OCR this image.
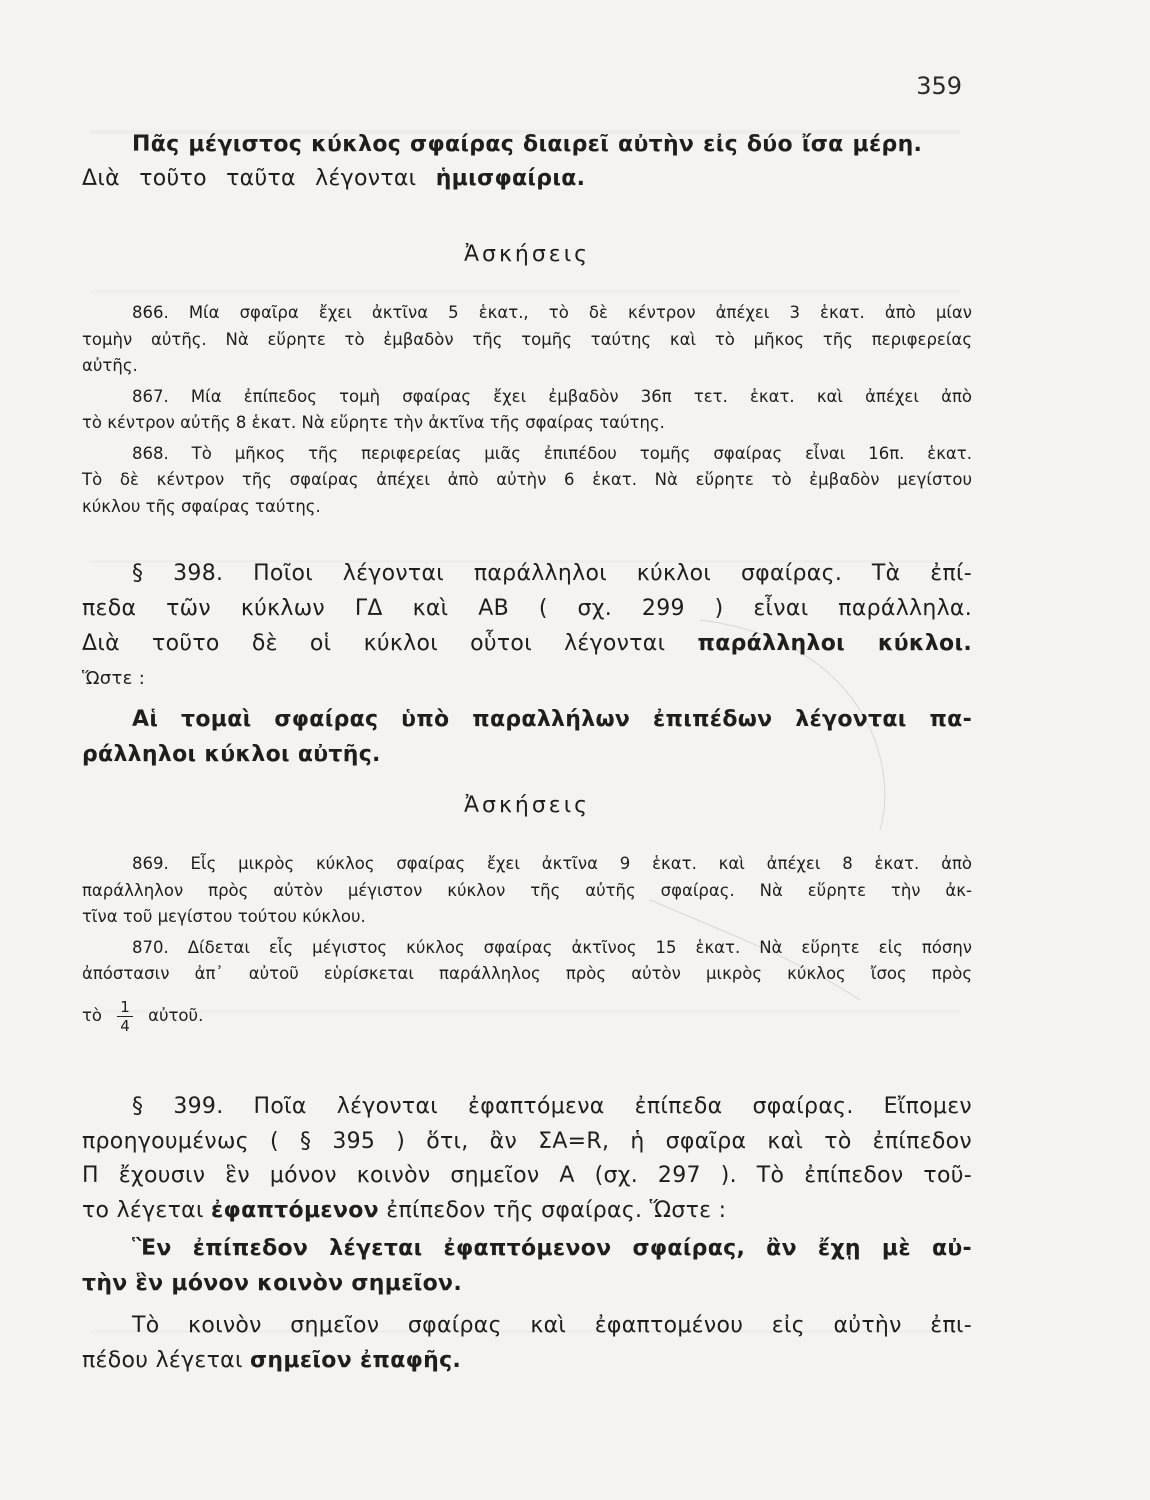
359

Πᾶς μέγιστος κύκλος σφαίρας διαιρεῖ αὐτὴν εἰς δύο ἴσα μέρη.

Διὰ τοῦτο ταῦτα λέγονται ἡμισφαίρια.

Ἀσκήσεις

866. Μία σφαῖρα ἔχει ἀκτῖνα 5 ἑκατ., τὸ δὲ κέντρον ἀπέχει 3 ἑκατ. ἀπὸ μίαν

τομὴν αὐτῆς. Νὰ εὕρητε τὸ ἐμβαδὸν τῆς τομῆς ταύτης καὶ τὸ μῆκος τῆς περιφερείας

αὐτῆς.

867. Μία ἐπίπεδος τομὴ σφαίρας ἔχει ἐμβαδὸν 36π τετ. ἑκατ. καὶ ἀπέχει ἀπὸ

τὸ κέντρον αὐτῆς 8 ἑκατ. Νὰ εὕρητε τὴν ἀκτῖνα τῆς σφαίρας ταύτης.

868. Τὸ μῆκος τῆς περιφερείας μιᾶς ἐπιπέδου τομῆς σφαίρας εἶναι 16π. ἑκατ.

Τὸ δὲ κέντρον τῆς σφαίρας ἀπέχει ἀπὸ αὐτὴν 6 ἑκατ. Νὰ εὕρητε τὸ ἐμβαδὸν μεγίστου

κύκλου τῆς σφαίρας ταύτης.

§ 398. Ποῖοι λέγονται παράλληλοι κύκλοι σφαίρας. Τὰ ἐπί-

πεδα τῶν κύκλων ΓΔ καὶ ΑΒ ( σχ. 299 ) εἶναι παράλληλα.

Διὰ τοῦτο δὲ οἱ κύκλοι οὗτοι λέγονται παράλληλοι κύκλοι.

Ὥστε :

Αἱ τομαὶ σφαίρας ὑπὸ παραλλήλων ἐπιπέδων λέγονται πα-

ράλληλοι κύκλοι αὐτῆς.

Ἀσκήσεις

869. Εἷς μικρὸς κύκλος σφαίρας ἔχει ἀκτῖνα 9 ἑκατ. καὶ ἀπέχει 8 ἑκατ. ἀπὸ

παράλληλον πρὸς αὐτὸν μέγιστον κύκλον τῆς αὐτῆς σφαίρας. Νὰ εὕρητε τὴν ἀκ-

τῖνα τοῦ μεγίστου τούτου κύκλου.

870. Δίδεται εἷς μέγιστος κύκλος σφαίρας ἀκτῖνος 15 ἑκατ. Νὰ εὕρητε εἰς πόσην

ἀπόστασιν ἀπ᾽ αὐτοῦ εὑρίσκεται παράλληλος πρὸς αὐτὸν μικρὸς κύκλος ἴσος πρὸς

τὸ $\frac{1}{4}$ αὐτοῦ.

§ 399. Ποῖα λέγονται ἐφαπτόμενα ἐπίπεδα σφαίρας. Εἴπομεν

προηγουμένως ( § 395 ) ὅτι, ἂν ΣΑ=R, ἡ σφαῖρα καὶ τὸ ἐπίπεδον

Π ἔχουσιν ἓν μόνον κοινὸν σημεῖον Α (σχ. 297 ). Τὸ ἐπίπεδον τοῦ-

το λέγεται ἐφαπτόμενον ἐπίπεδον τῆς σφαίρας. Ὥστε :

Ἓν ἐπίπεδον λέγεται ἐφαπτόμενον σφαίρας, ἂν ἔχῃ μὲ αὐ-

τὴν ἓν μόνον κοινὸν σημεῖον.

Τὸ κοινὸν σημεῖον σφαίρας καὶ ἐφαπτομένου εἰς αὐτὴν ἐπι-

πέδου λέγεται σημεῖον ἐπαφῆς.
